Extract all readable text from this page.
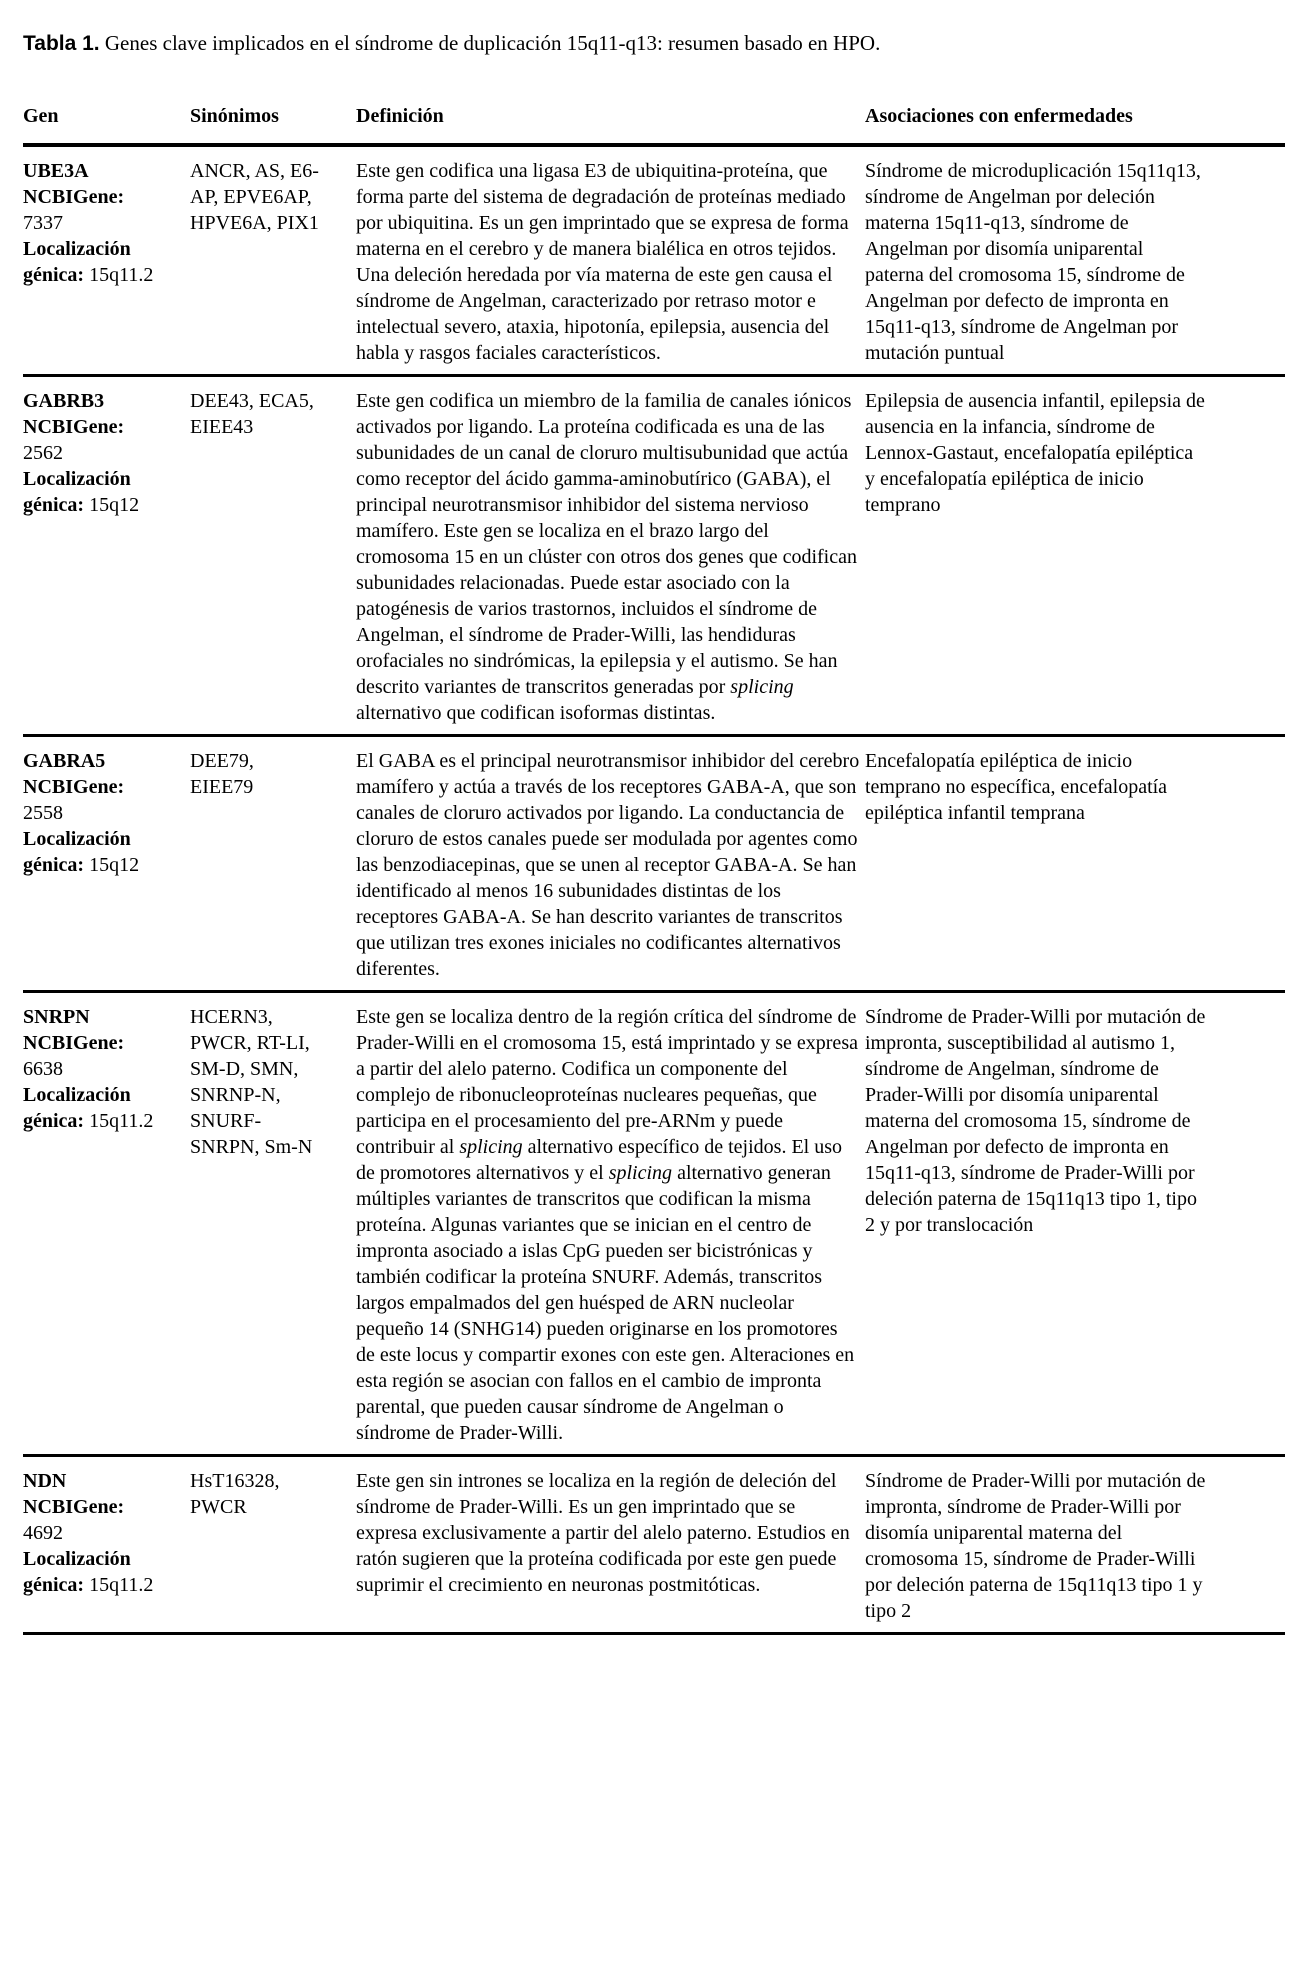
Tabla 1. Genes clave implicados en el síndrome de duplicación 15q11-q13: resumen basado en HPO.

Gen	Sinónimos	Definición	Asociaciones con enfermedades

UBE3A
NCBIGene:
7337
Localización génica: 15q11.2
	ANCR, AS, E6-AP, EPVE6AP, HPVE6A, PIX1	Este gen codifica una ligasa E3 de ubiquitina-proteína, que forma parte del sistema de degradación de proteínas mediado por ubiquitina. Es un gen imprintado que se expresa de forma materna en el cerebro y de manera bialélica en otros tejidos. Una deleción heredada por vía materna de este gen causa el síndrome de Angelman, caracterizado por retraso motor e intelectual severo, ataxia, hipotonía, epilepsia, ausencia del habla y rasgos faciales característicos.	Síndrome de microduplicación 15q11q13, síndrome de Angelman por deleción materna 15q11-q13, síndrome de Angelman por disomía uniparental paterna del cromosoma 15, síndrome de Angelman por defecto de impronta en 15q11-q13, síndrome de Angelman por mutación puntual

GABRB3
NCBIGene:
2562
Localización génica: 15q12
	DEE43, ECA5, EIEE43	Este gen codifica un miembro de la familia de canales iónicos activados por ligando. La proteína codificada es una de las subunidades de un canal de cloruro multisubunidad que actúa como receptor del ácido gamma-aminobutírico (GABA), el principal neurotransmisor inhibidor del sistema nervioso mamífero. Este gen se localiza en el brazo largo del cromosoma 15 en un clúster con otros dos genes que codifican subunidades relacionadas. Puede estar asociado con la patogénesis de varios trastornos, incluidos el síndrome de Angelman, el síndrome de Prader-Willi, las hendiduras orofaciales no sindrómicas, la epilepsia y el autismo. Se han descrito variantes de transcritos generadas por splicing alternativo que codifican isoformas distintas.	Epilepsia de ausencia infantil, epilepsia de ausencia en la infancia, síndrome de Lennox-Gastaut, encefalopatía epiléptica y encefalopatía epiléptica de inicio temprano

GABRA5
NCBIGene:
2558
Localización génica: 15q12
	DEE79, EIEE79	El GABA es el principal neurotransmisor inhibidor del cerebro mamífero y actúa a través de los receptores GABA-A, que son canales de cloruro activados por ligando. La conductancia de cloruro de estos canales puede ser modulada por agentes como las benzodiacepinas, que se unen al receptor GABA-A. Se han identificado al menos 16 subunidades distintas de los receptores GABA-A. Se han descrito variantes de transcritos que utilizan tres exones iniciales no codificantes alternativos diferentes.	Encefalopatía epiléptica de inicio temprano no específica, encefalopatía epiléptica infantil temprana

SNRPN
NCBIGene:
6638
Localización génica: 15q11.2
	HCERN3, PWCR, RT-LI, SM-D, SMN, SNRNP-N, SNURF-SNRPN, Sm-N	Este gen se localiza dentro de la región crítica del síndrome de Prader-Willi en el cromosoma 15, está imprintado y se expresa a partir del alelo paterno. Codifica un componente del complejo de ribonucleoproteínas nucleares pequeñas, que participa en el procesamiento del pre-ARNm y puede contribuir al splicing alternativo específico de tejidos. El uso de promotores alternativos y el splicing alternativo generan múltiples variantes de transcritos que codifican la misma proteína. Algunas variantes que se inician en el centro de impronta asociado a islas CpG pueden ser bicistrónicas y también codificar la proteína SNURF. Además, transcritos largos empalmados del gen huésped de ARN nucleolar pequeño 14 (SNHG14) pueden originarse en los promotores de este locus y compartir exones con este gen. Alteraciones en esta región se asocian con fallos en el cambio de impronta parental, que pueden causar síndrome de Angelman o síndrome de Prader-Willi.	Síndrome de Prader-Willi por mutación de impronta, susceptibilidad al autismo 1, síndrome de Angelman, síndrome de Prader-Willi por disomía uniparental materna del cromosoma 15, síndrome de Angelman por defecto de impronta en 15q11-q13, síndrome de Prader-Willi por deleción paterna de 15q11q13 tipo 1, tipo 2 y por translocación

NDN
NCBIGene:
4692
Localización génica: 15q11.2
	HsT16328, PWCR	Este gen sin intrones se localiza en la región de deleción del síndrome de Prader-Willi. Es un gen imprintado que se expresa exclusivamente a partir del alelo paterno. Estudios en ratón sugieren que la proteína codificada por este gen puede suprimir el crecimiento en neuronas postmitóticas.	Síndrome de Prader-Willi por mutación de impronta, síndrome de Prader-Willi por disomía uniparental materna del cromosoma 15, síndrome de Prader-Willi por deleción paterna de 15q11q13 tipo 1 y tipo 2
